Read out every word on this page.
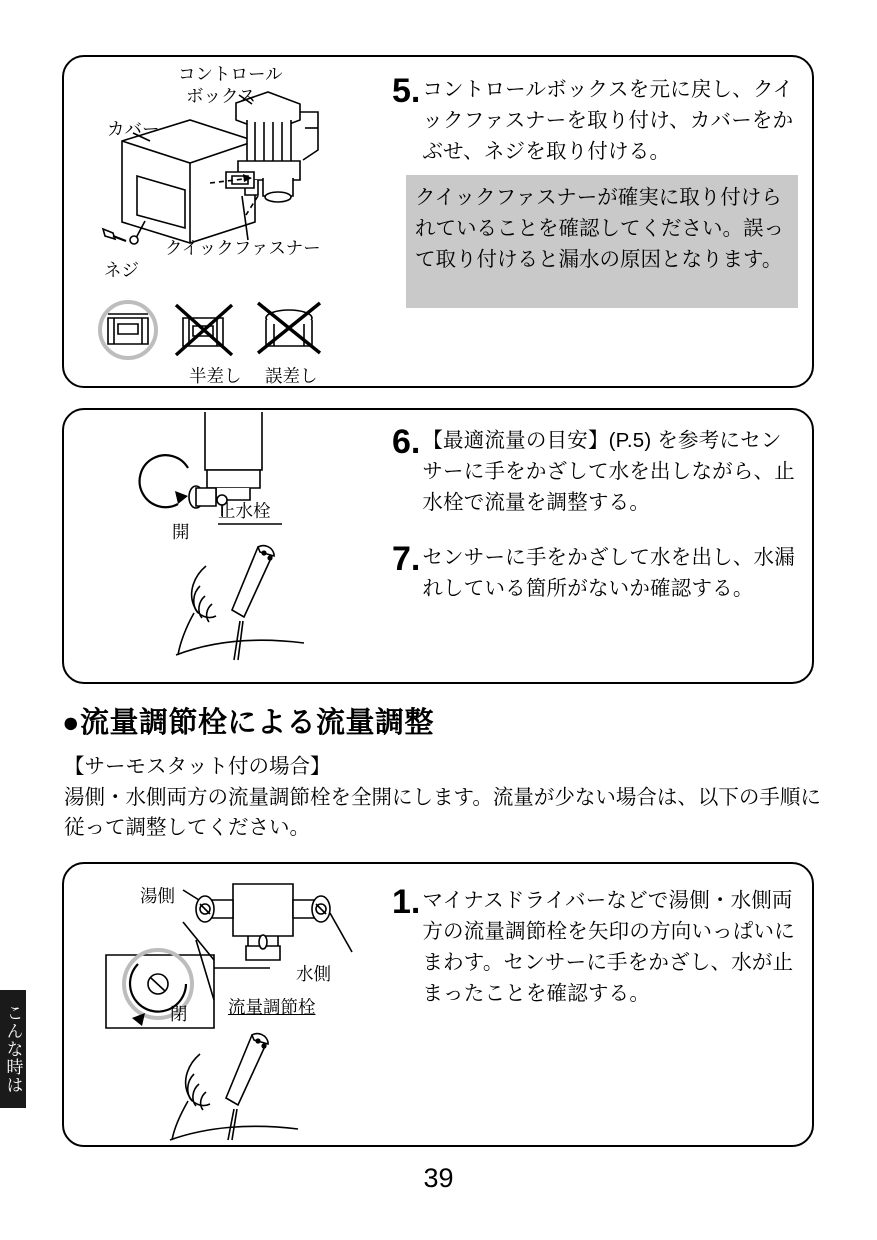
こんな時は
コントロール
ボックス
カバー
クイックファスナー
ネジ
半差し 誤差し
5. コントロールボックスを元に戻し、クイックファスナーを取り付け、カバーをかぶせ、ネジを取り付ける。
クイックファスナーが確実に取り付けられていることを確認してください。誤って取り付けると漏水の原因となります。
開
止水栓
6. 【最適流量の目安】(P.5) を参考にセンサーに手をかざして水を出しながら、止水栓で流量を調整する。
7. センサーに手をかざして水を出し、水漏れしている箇所がないか確認する。
●流量調節栓による流量調整
【サーモスタット付の場合】
湯側・水側両方の流量調節栓を全開にします。流量が少ない場合は、以下の手順に従って調整してください。
湯側
水側
流量調節栓
閉
1. マイナスドライバーなどで湯側・水側両方の流量調節栓を矢印の方向いっぱいにまわす。センサーに手をかざし、水が止まったことを確認する。
39
